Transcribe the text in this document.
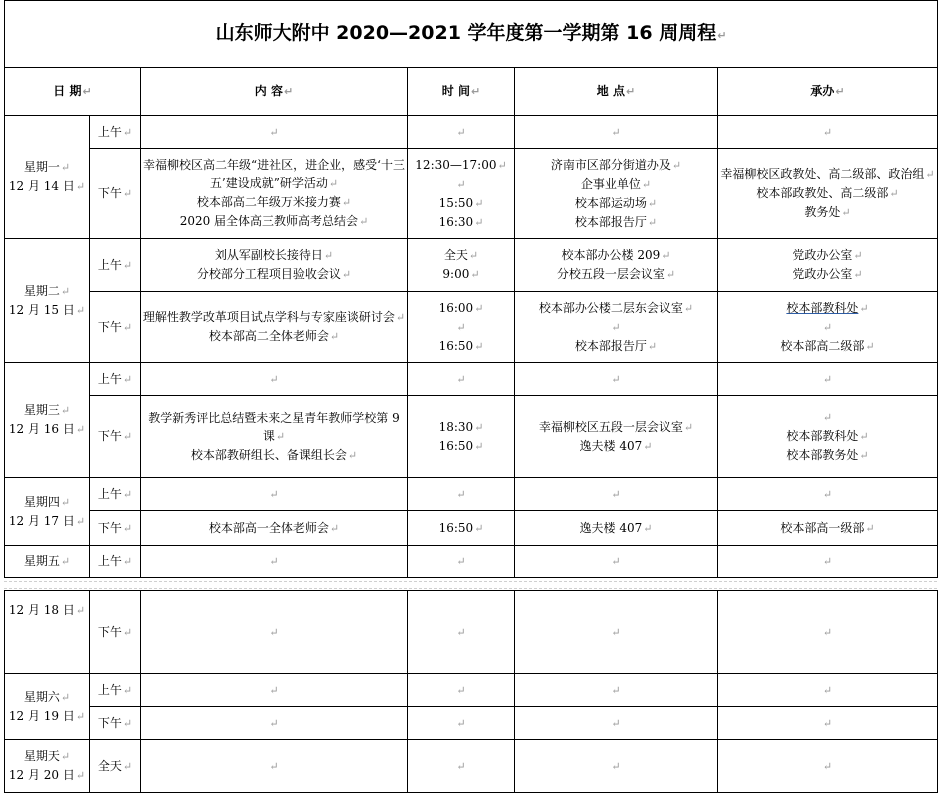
山东师大附中 2020—2021 学年度第一学期第 16 周周程↵					
日 期↵		内 容↵	时 间↵	地 点↵	承办↵

星期一↵
12 月 14 日↵	上午↵	↵	↵	↵	↵
	下午↵	幸福柳校区高二年级“进社区，进企业，感受‘十三五’建设成就”研学活动↵
校本部高二年级万米接力赛↵
2020 届全体高三教师高考总结会↵	12:30—17:00↵
↵
15:50↵
16:30↵	济南市区部分街道办及↵
企事业单位↵
校本部运动场↵
校本部报告厅↵	幸福柳校区政教处、高二级部、政治组↵
校本部政教处、高二级部↵
教务处↵

星期二↵
12 月 15 日↵	上午↵	刘从军副校长接待日↵
分校部分工程项目验收会议↵	全天↵
9:00↵	校本部办公楼 209↵
分校五段一层会议室↵	党政办公室↵
党政办公室↵

	下午↵	理解性教学改革项目试点学科与专家座谈研讨会↵
校本部高二全体老师会↵	16:00↵
↵
16:50↵	校本部办公楼二层东会议室↵
↵
校本部报告厅↵	校本部教科处↵
↵
校本部高二级部↵

星期三↵
12 月 16 日↵	上午↵	↵	↵	↵	↵
	下午↵	教学新秀评比总结暨未来之星青年教师学校第 9 课↵
校本部教研组长、备课组长会↵	18:30↵
16:50↵	幸福柳校区五段一层会议室↵
逸夫楼 407↵	↵
校本部教科处↵
校本部教务处↵

星期四↵
12 月 17 日↵	上午↵	↵	↵	↵	↵
	下午↵	校本部高一全体老师会↵	16:50↵	逸夫楼 407↵	校本部高一级部↵
星期五↵	上午↵	↵	↵	↵	↵
12 月 18 日↵	下午↵	↵	↵	↵	↵

星期六↵
12 月 19 日↵	上午↵	↵	↵	↵	↵
	下午↵	↵	↵	↵	↵

星期天↵
12 月 20 日↵	全天↵	↵	↵	↵	↵
